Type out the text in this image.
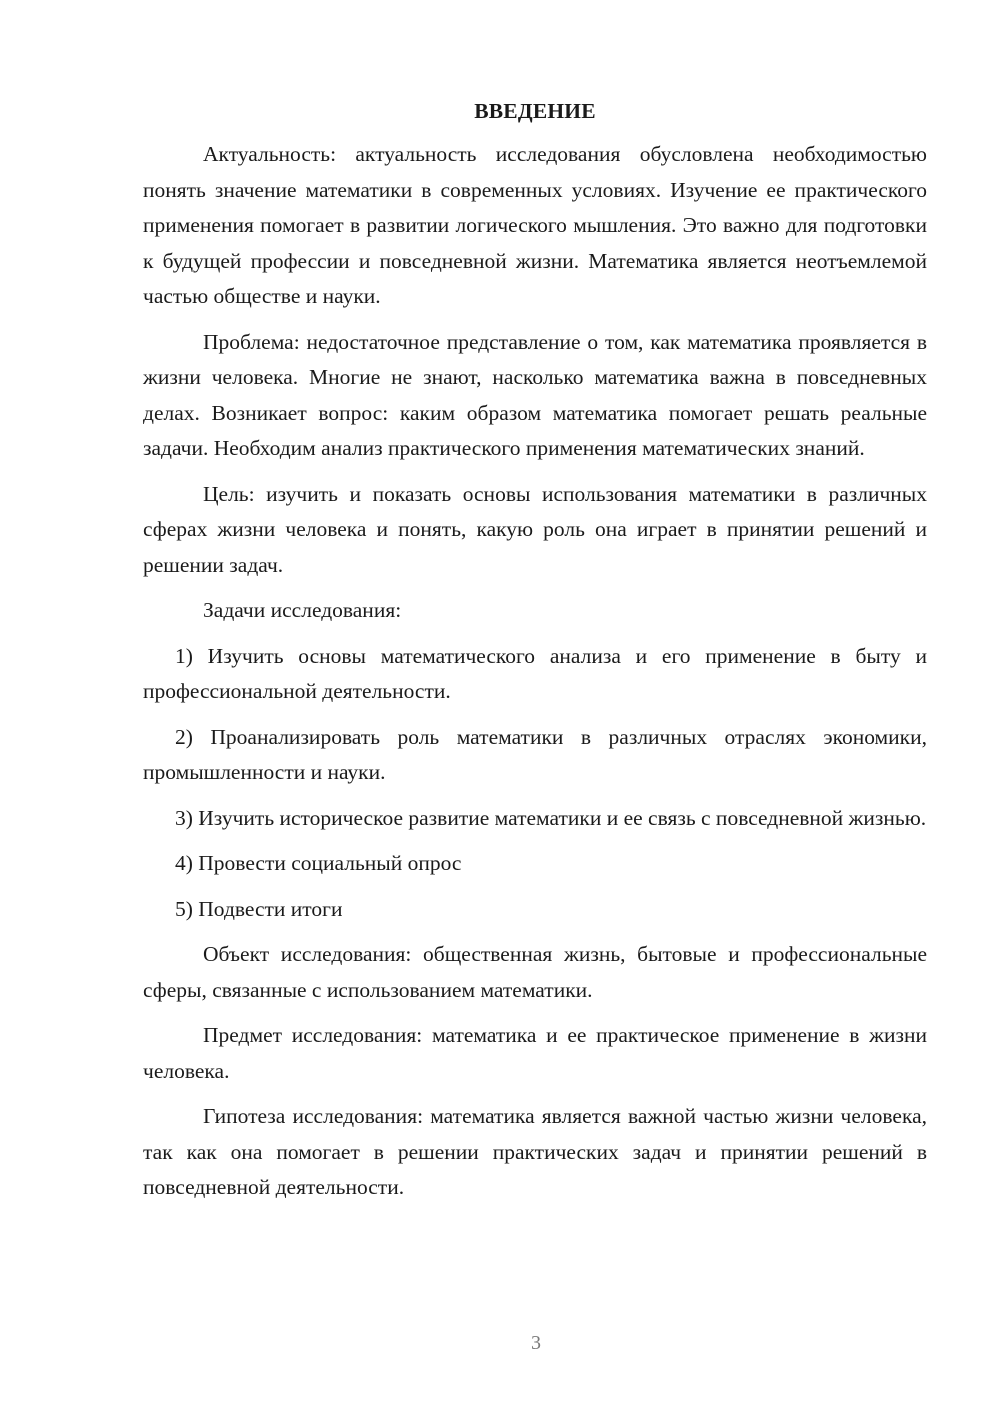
ВВЕДЕНИЕ

Актуальность: актуальность исследования обусловлена необходимостью понять значение математики в современных условиях. Изучение ее практического применения помогает в развитии логического мышления. Это важно для подготовки к будущей профессии и повседневной жизни. Математика является неотъемлемой частью обществе и науки.

Проблема: недостаточное представление о том, как математика проявляется в жизни человека. Многие не знают, насколько математика важна в повседневных делах. Возникает вопрос: каким образом математика помогает решать реальные задачи. Необходим анализ практического применения математических знаний.

Цель: изучить и показать основы использования математики в различных сферах жизни человека и понять, какую роль она играет в принятии решений и решении задач.

Задачи исследования:

1) Изучить основы математического анализа и его применение в быту и профессиональной деятельности.

2) Проанализировать роль математики в различных отраслях экономики, промышленности и науки.

3) Изучить историческое развитие математики и ее связь с повседневной жизнью.

4) Провести социальный опрос

5) Подвести итоги

Объект исследования: общественная жизнь, бытовые и профессиональные сферы, связанные с использованием математики.

Предмет исследования: математика и ее практическое применение в жизни человека.

Гипотеза исследования: математика является важной частью жизни человека, так как она помогает в решении практических задач и принятии решений в повседневной деятельности.

3
